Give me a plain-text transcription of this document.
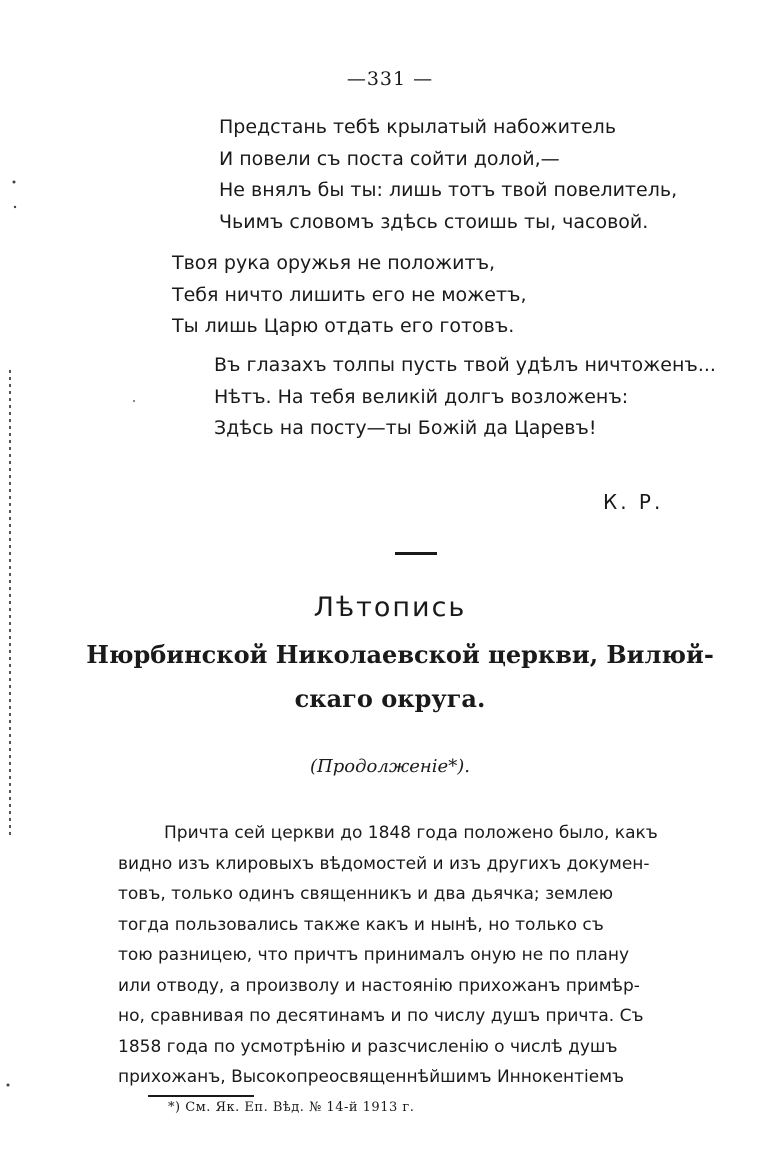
—331 —
Предстань тебѣ крылатый набожитель
И повели съ поста сойти долой,—
Не внялъ бы ты: лишь тотъ твой повелитель,
Чьимъ словомъ здѣсь стоишь ты, часовой.
Твоя рука оружья не положитъ,
Тебя ничто лишить его не можетъ,
Ты лишь Царю отдать его готовъ.
Въ глазахъ толпы пусть твой удѣлъ ничтоженъ...
Нѣтъ. На тебя великій долгъ возложенъ:
Здѣсь на посту—ты Божій да Царевъ!
К. Р.
Лѣтопись
Нюрбинской Николаевской церкви, Вилюй-
скаго округа.
(Продолженіе*).
Причта сей церкви до 1848 года положено было, какъ
видно изъ клировыхъ вѣдомостей и изъ другихъ докумен-
товъ, только одинъ священникъ и два дьячка; землею
тогда пользовались также какъ и нынѣ, но только съ
тою разницею, что причтъ принималъ оную не по плану
или отводу, а произволу и настоянію прихожанъ примѣр-
но, сравнивая по десятинамъ и по числу душъ причта. Съ
1858 года по усмотрѣнію и разсчисленію о числѣ душъ
прихожанъ, Высокопреосвященнѣйшимъ Иннокентіемъ
*) См. Як. Еп. Вѣд. № 14-й 1913 г.
